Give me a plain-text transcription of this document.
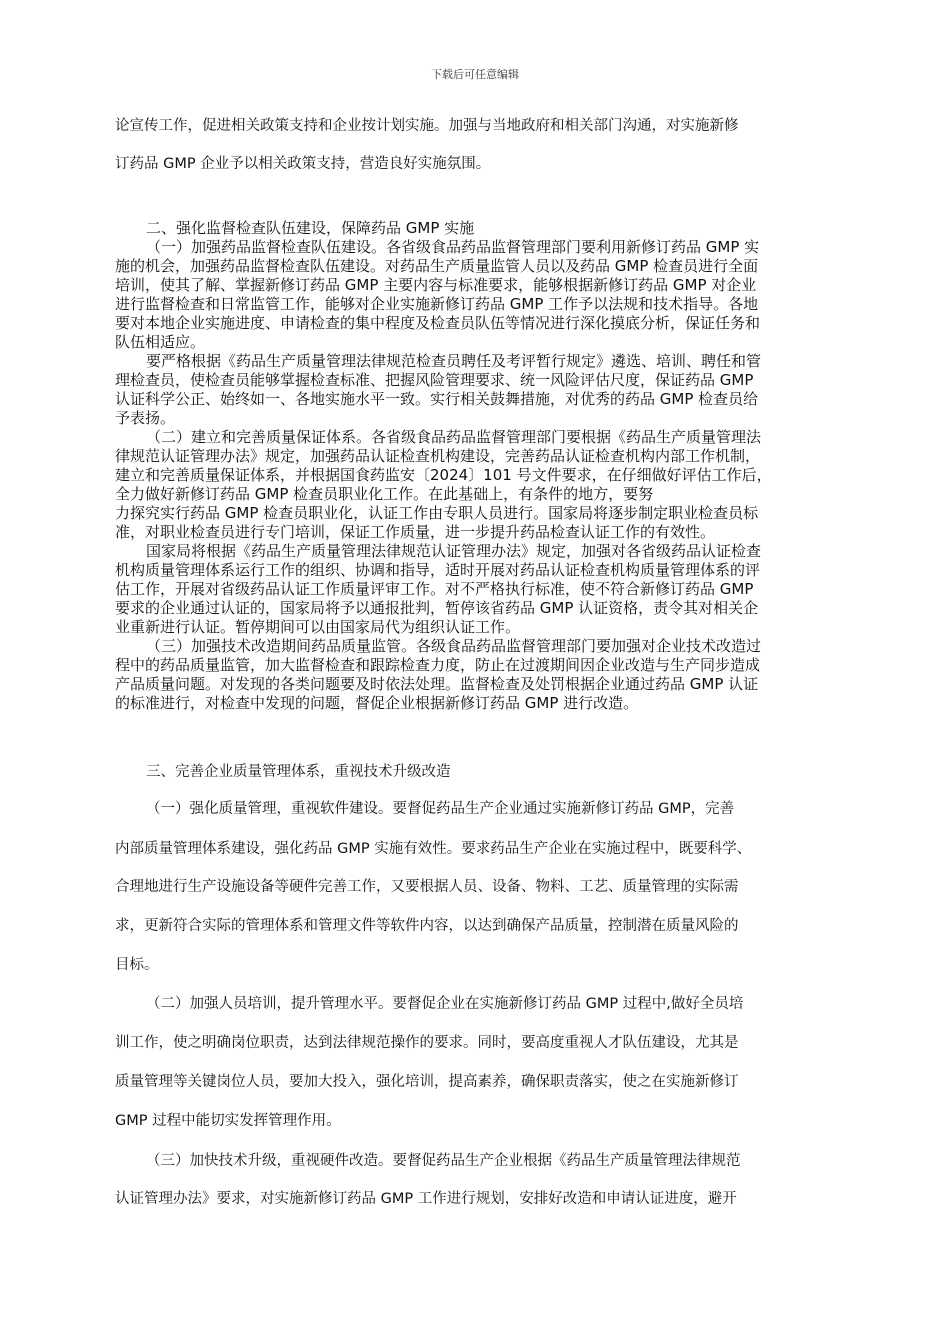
下载后可任意编辑

论宣传工作，促进相关政策支持和企业按计划实施。加强与当地政府和相关部门沟通，对实施新修

订药品 GMP 企业予以相关政策支持，营造良好实施氛围。

二、强化监督检查队伍建设，保障药品 GMP 实施

（一）加强药品监督检查队伍建设。各省级食品药品监督管理部门要利用新修订药品 GMP 实

施的机会，加强药品监督检查队伍建设。对药品生产质量监管人员以及药品 GMP 检查员进行全面

培训，使其了解、掌握新修订药品 GMP 主要内容与标准要求，能够根据新修订药品 GMP 对企业

进行监督检查和日常监管工作，能够对企业实施新修订药品 GMP 工作予以法规和技术指导。各地

要对本地企业实施进度、申请检查的集中程度及检查员队伍等情况进行深化摸底分析，保证任务和

队伍相适应。

要严格根据《药品生产质量管理法律规范检查员聘任及考评暂行规定》遴选、培训、聘任和管

理检查员，使检查员能够掌握检查标准、把握风险管理要求、统一风险评估尺度，保证药品 GMP

认证科学公正、始终如一、各地实施水平一致。实行相关鼓舞措施，对优秀的药品 GMP 检查员给

予表扬。

（二）建立和完善质量保证体系。各省级食品药品监督管理部门要根据《药品生产质量管理法

律规范认证管理办法》规定，加强药品认证检查机构建设，完善药品认证检查机构内部工作机制，

建立和完善质量保证体系，并根据国食药监安〔2024〕101 号文件要求，在仔细做好评估工作后，

全力做好新修订药品 GMP 检查员职业化工作。在此基础上，有条件的地方，要努

力探究实行药品 GMP 检查员职业化，认证工作由专职人员进行。国家局将逐步制定职业检查员标

准，对职业检查员进行专门培训，保证工作质量，进一步提升药品检查认证工作的有效性。

国家局将根据《药品生产质量管理法律规范认证管理办法》规定，加强对各省级药品认证检查

机构质量管理体系运行工作的组织、协调和指导，适时开展对药品认证检查机构质量管理体系的评

估工作，开展对省级药品认证工作质量评审工作。对不严格执行标准，使不符合新修订药品 GMP

要求的企业通过认证的，国家局将予以通报批判，暂停该省药品 GMP 认证资格，责令其对相关企

业重新进行认证。暂停期间可以由国家局代为组织认证工作。

（三）加强技术改造期间药品质量监管。各级食品药品监督管理部门要加强对企业技术改造过

程中的药品质量监管，加大监督检查和跟踪检查力度，防止在过渡期间因企业改造与生产同步造成

产品质量问题。对发现的各类问题要及时依法处理。监督检查及处罚根据企业通过药品 GMP 认证

的标准进行，对检查中发现的问题，督促企业根据新修订药品 GMP 进行改造。

三、完善企业质量管理体系，重视技术升级改造

（一）强化质量管理，重视软件建设。要督促药品生产企业通过实施新修订药品 GMP，完善

内部质量管理体系建设，强化药品 GMP 实施有效性。要求药品生产企业在实施过程中，既要科学、

合理地进行生产设施设备等硬件完善工作，又要根据人员、设备、物料、工艺、质量管理的实际需

求，更新符合实际的管理体系和管理文件等软件内容，以达到确保产品质量，控制潜在质量风险的

目标。

（二）加强人员培训，提升管理水平。要督促企业在实施新修订药品 GMP 过程中,做好全员培

训工作，使之明确岗位职责，达到法律规范操作的要求。同时，要高度重视人才队伍建设，尤其是

质量管理等关键岗位人员，要加大投入，强化培训，提高素养，确保职责落实，使之在实施新修订

GMP 过程中能切实发挥管理作用。

（三）加快技术升级，重视硬件改造。要督促药品生产企业根据《药品生产质量管理法律规范

认证管理办法》要求，对实施新修订药品 GMP 工作进行规划，安排好改造和申请认证进度，避开
